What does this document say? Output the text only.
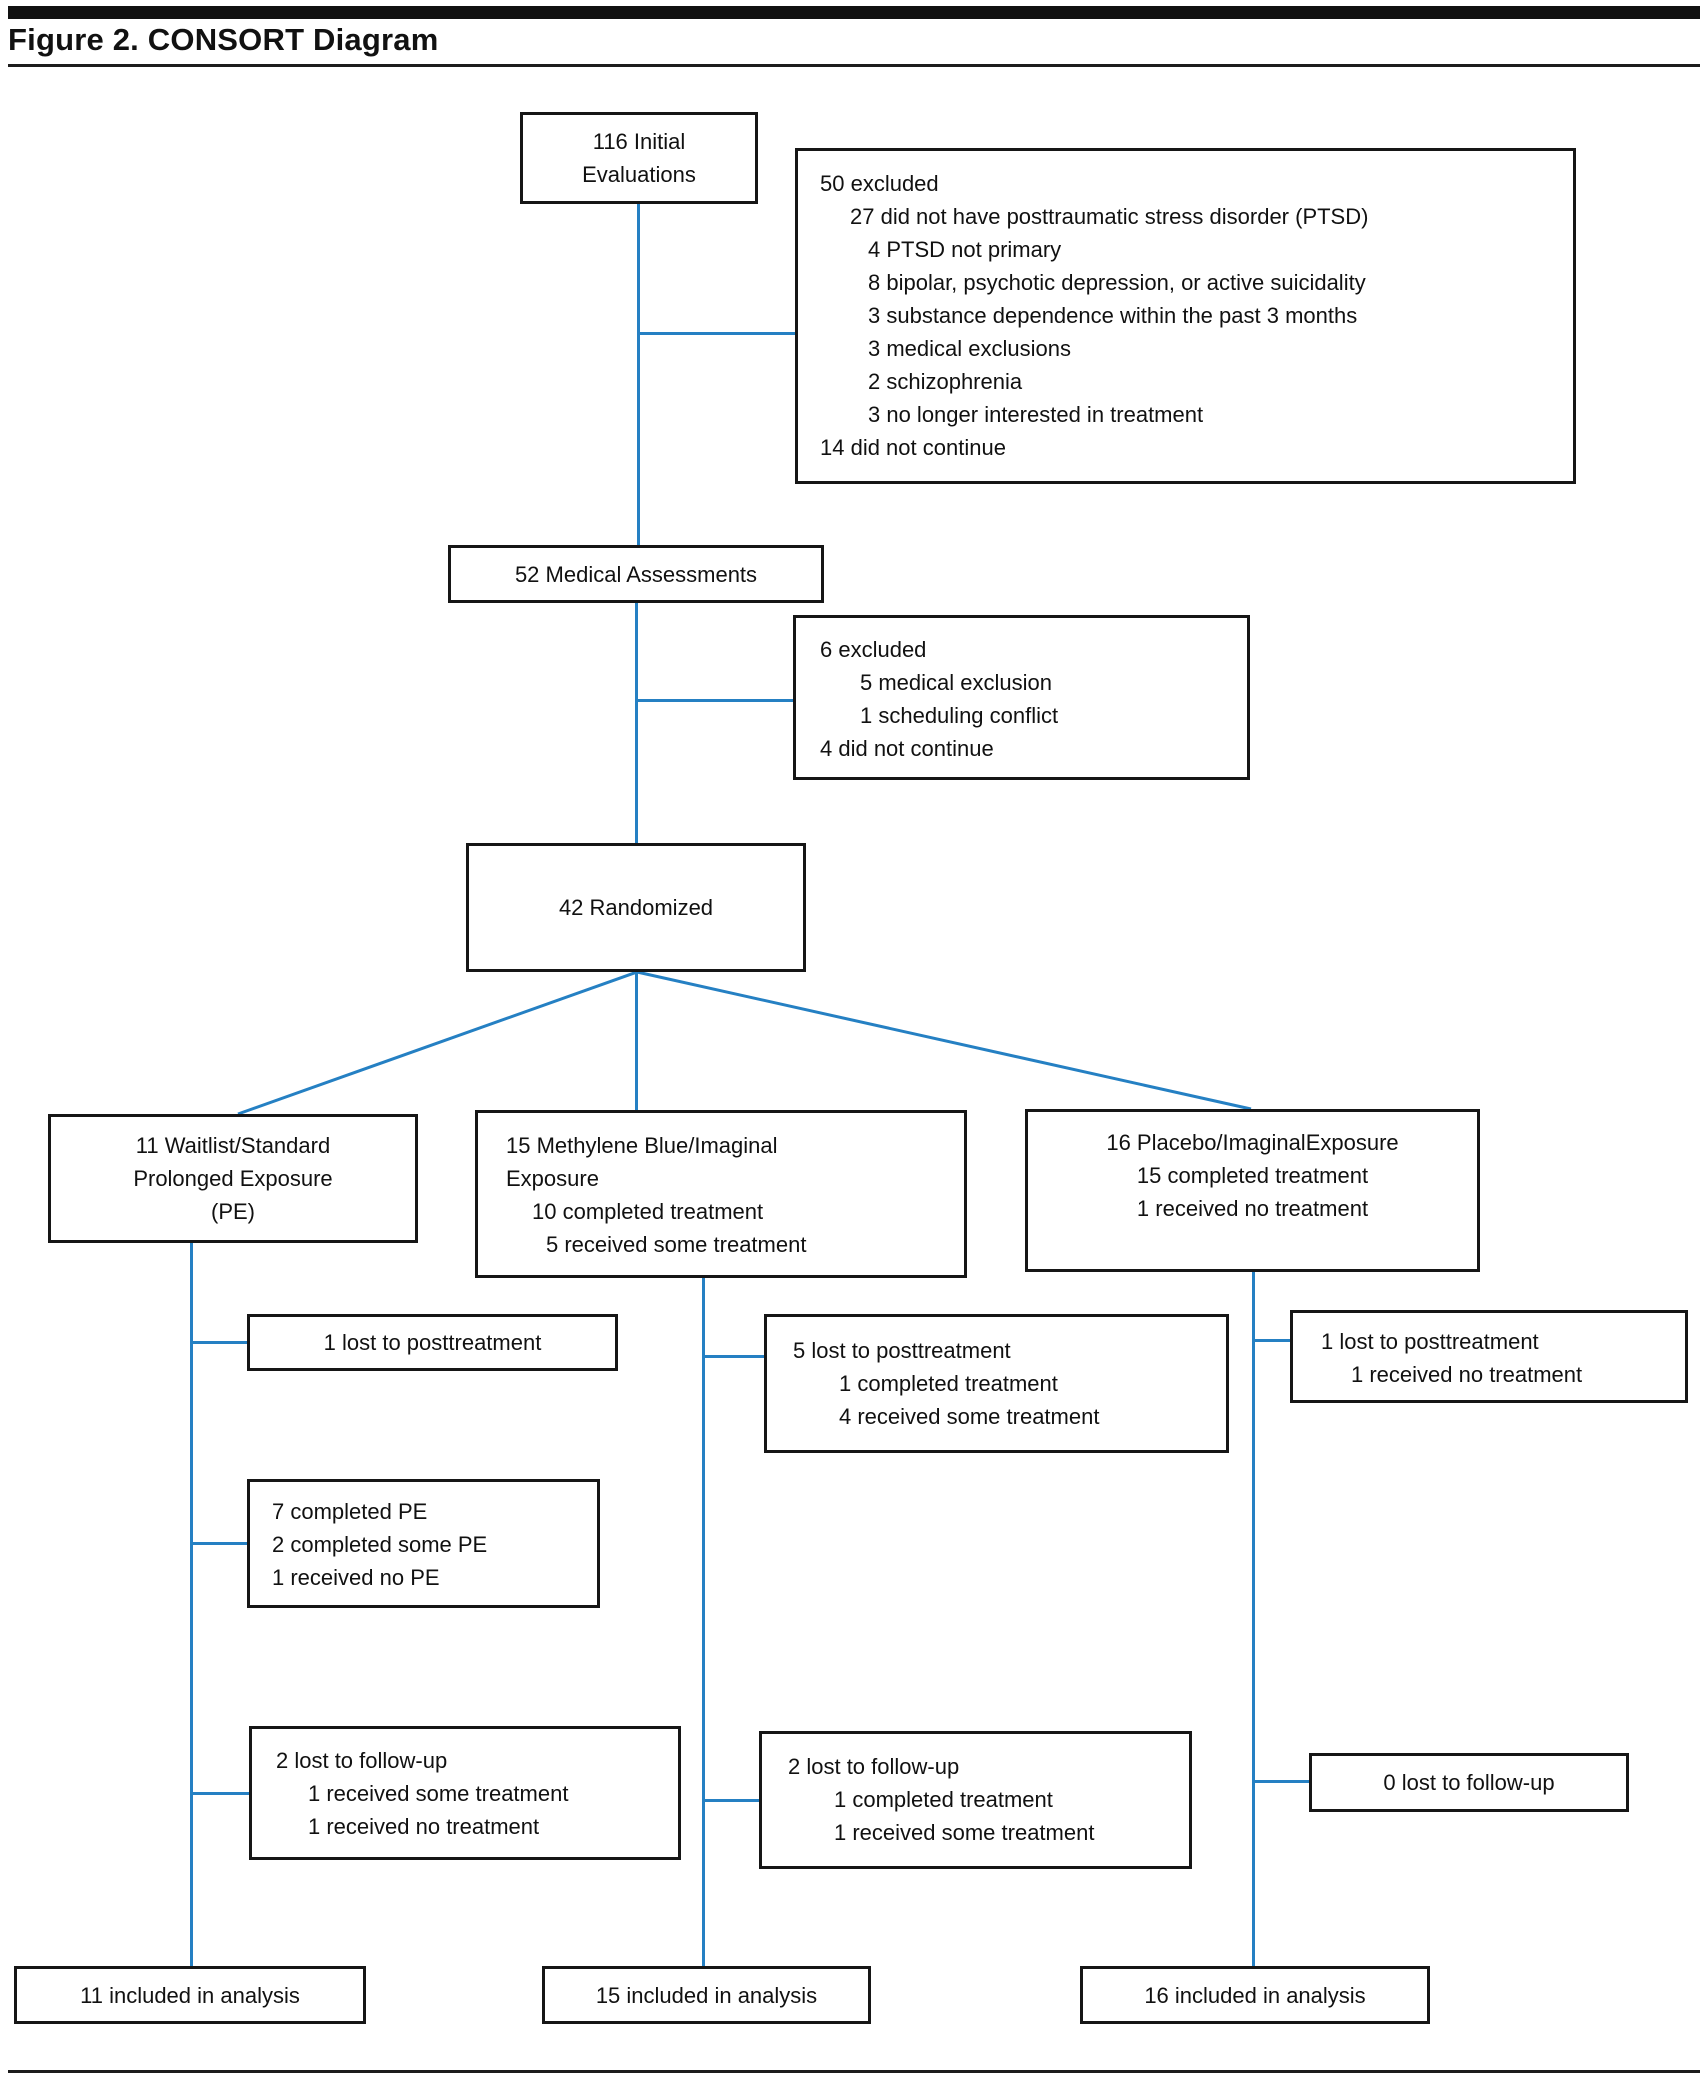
Figure 2. CONSORT Diagram
116 Initial
Evaluations	50 excluded
27 did not have posttraumatic stress disorder (PTSD)
4 PTSD not primary
8 bipolar, psychotic depression, or active suicidality
3 substance dependence within the past 3 months
3 medical exclusions
2 schizophrenia
3 no longer interested in treatment
14 did not continue
52 Medical Assessments
6 excluded
5 medical exclusion
1 scheduling conflict
4 did not continue
42 Randomized
11 Waitlist/Standard
Prolonged Exposure
(PE)
15 Methylene Blue/Imaginal
Exposure
10 completed treatment
5 received some treatment
16 Placebo/ImaginalExposure
15 completed treatment
1 received no treatment
1 lost to posttreatment	5 lost to posttreatment
1 completed treatment
4 received some treatment
1 lost to posttreatment
1 received no treatment
7 completed PE
2 completed some PE
1 received no PE
2 lost to follow-up
1 received some treatment
1 received no treatment
2 lost to follow-up
1 completed treatment
1 received some treatment
0 lost to follow-up
11 included in analysis	15 included in analysis	16 included in analysis
